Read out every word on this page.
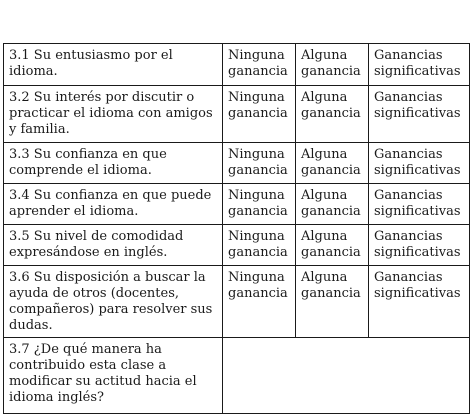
3.1 Su entusiasmo por el idioma.	Ninguna ganancia	Alguna ganancia	Ganancias significativas
3.2 Su interés por discutir o practicar el idioma con amigos y familia.	Ninguna ganancia	Alguna ganancia	Ganancias significativas
3.3 Su confianza en que comprende el idioma.	Ninguna ganancia	Alguna ganancia	Ganancias significativas
3.4 Su confianza en que puede aprender el idioma.	Ninguna ganancia	Alguna ganancia	Ganancias significativas
3.5 Su nivel de comodidad expresándose en inglés.	Ninguna ganancia	Alguna ganancia	Ganancias significativas
3.6 Su disposición a buscar la ayuda de otros (docentes, compañeros) para resolver sus dudas.	Ninguna ganancia	Alguna ganancia	Ganancias significativas
3.7 ¿De qué manera ha contribuido esta clase a modificar su actitud hacia el idioma inglés?			
